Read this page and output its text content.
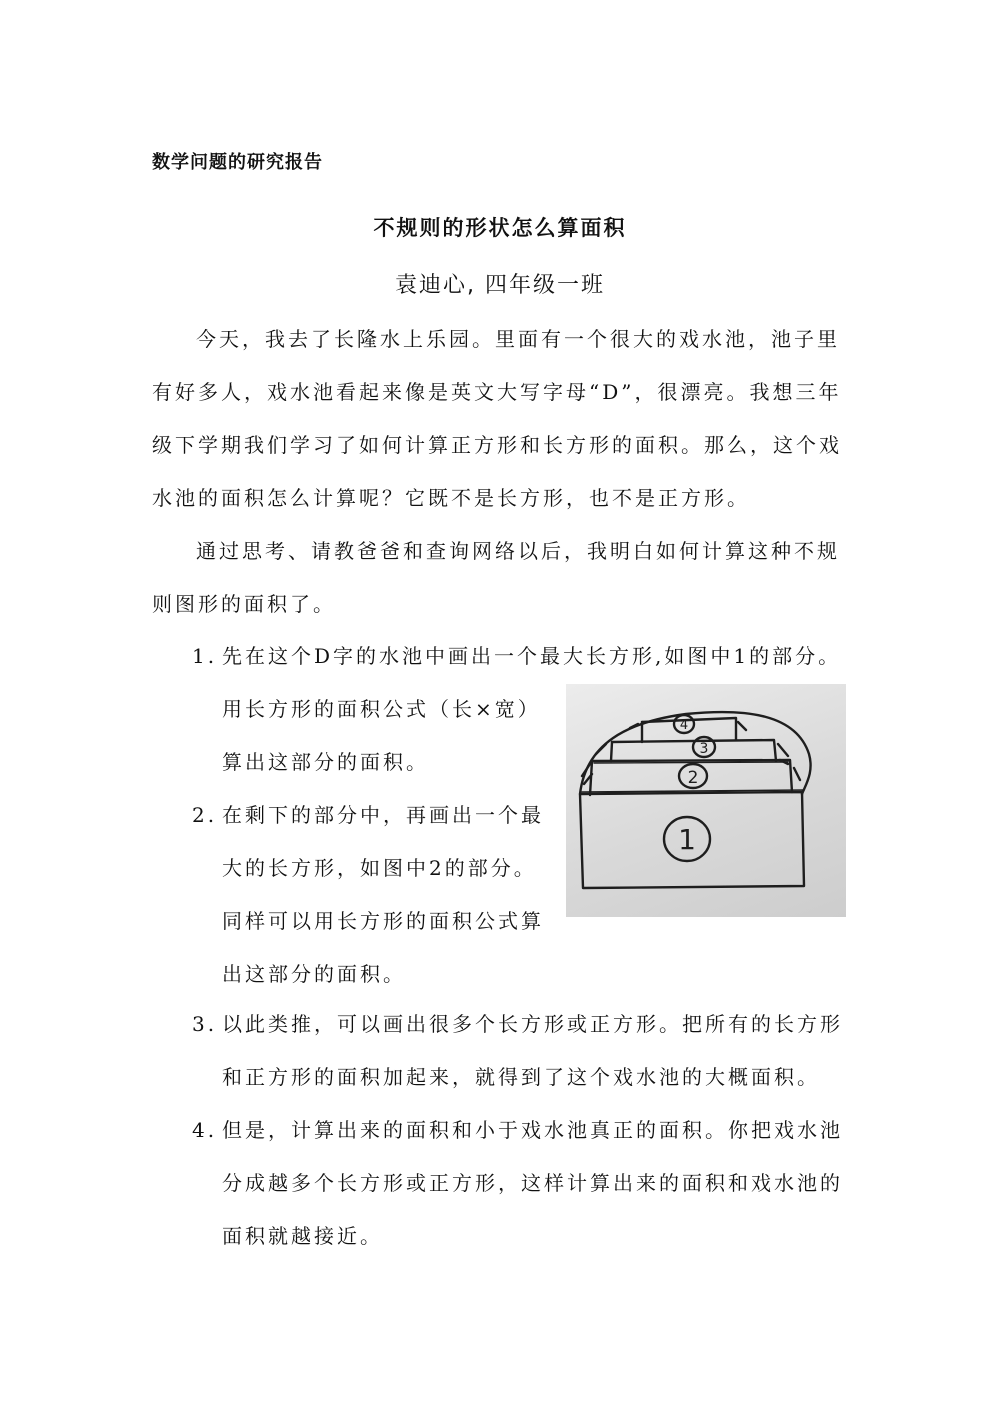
数学问题的研究报告
不规则的形状怎么算面积
袁迪心, 四年级一班
今天，我去了长隆水上乐园。里面有一个很大的戏水池，池子里有好多人，戏水池看起来像是英文大写字母“D”，很漂亮。我想三年级下学期我们学习了如何计算正方形和长方形的面积。那么，这个戏水池的面积怎么计算呢？它既不是长方形，也不是正方形。
通过思考、请教爸爸和查询网络以后，我明白如何计算这种不规则图形的面积了。
1. 先在这个D字的水池中画出一个最大长方形,如图中1的部分。
用长方形的面积公式（长×宽）算出这部分的面积。
2. 在剩下的部分中，再画出一个最大的长方形，如图中2的部分。同样可以用长方形的面积公式算出这部分的面积。
3. 以此类推，可以画出很多个长方形或正方形。把所有的长方形和正方形的面积加起来，就得到了这个戏水池的大概面积。
4. 但是，计算出来的面积和小于戏水池真正的面积。你把戏水池分成越多个长方形或正方形，这样计算出来的面积和戏水池的面积就越接近。
1
2
3
4
